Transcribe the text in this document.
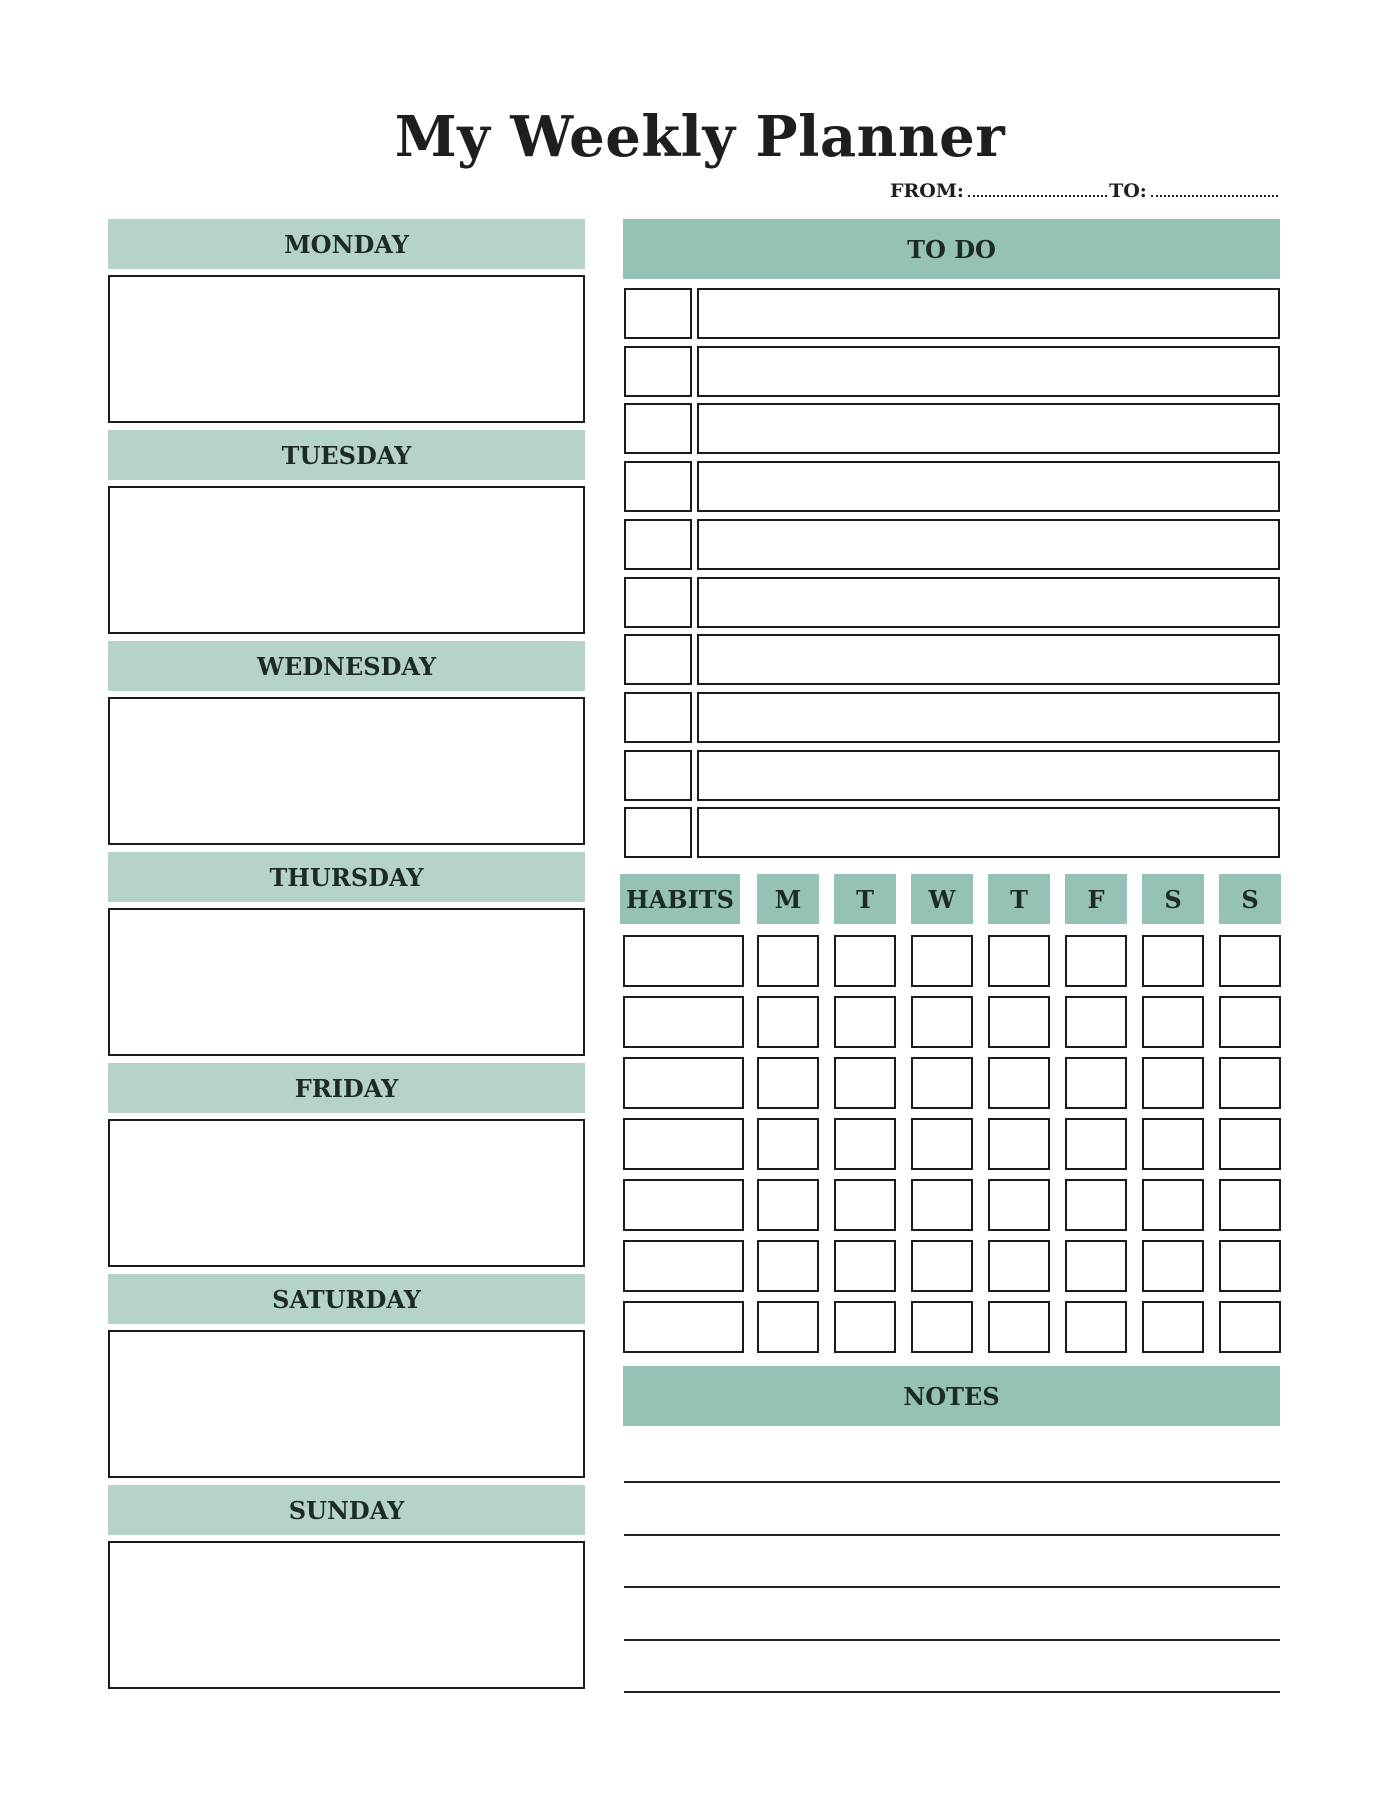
My Weekly Planner
FROM:	TO:
MONDAY
TUESDAY
WEDNESDAY
THURSDAY
FRIDAY
SATURDAY
SUNDAY
TO DO
HABITS	M	T	W	T	F	S	S
NOTES
